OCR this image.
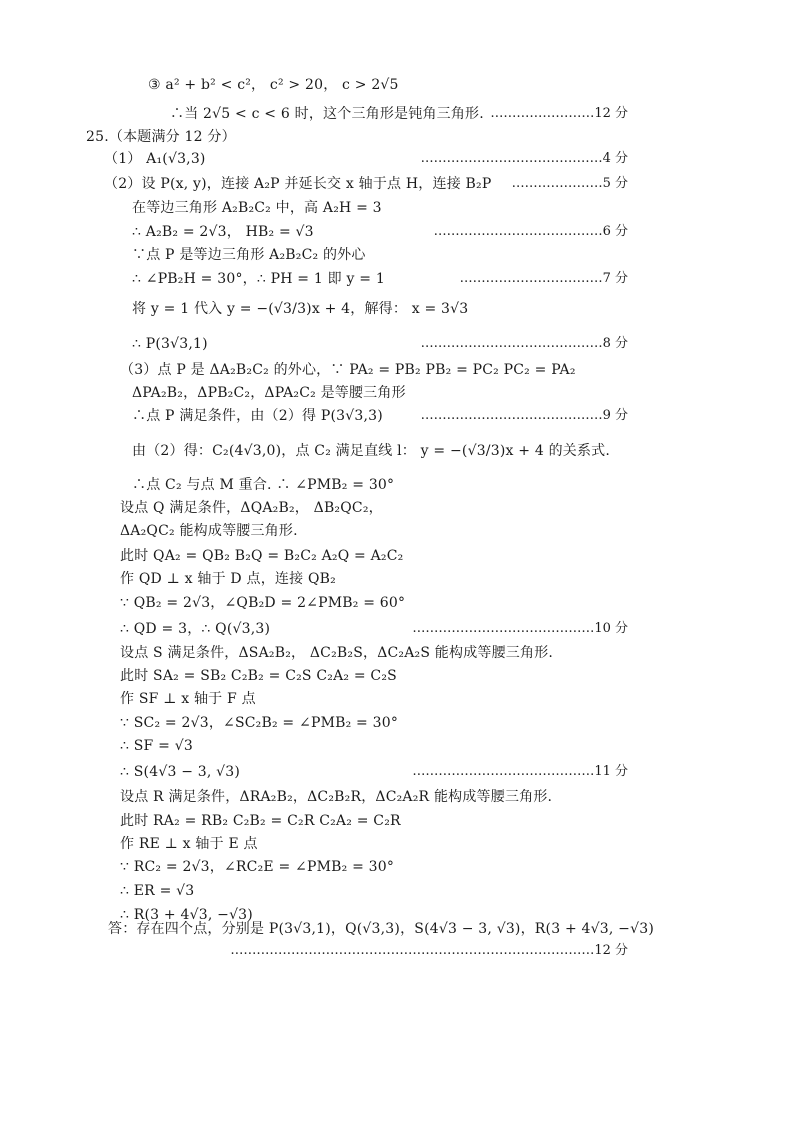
③ a² + b² < c²， c² > 20， c > 2√5
∴当 2√5 < c < 6 时，这个三角形是钝角三角形.
25.（本题满分 12 分）
（1） A₁(√3,3)
（2）设 P(x, y)，连接 A₂P 并延长交 x 轴于点 H，连接 B₂P
在等边三角形 A₂B₂C₂ 中，高 A₂H = 3
∴ A₂B₂ = 2√3， HB₂ = √3
∵点 P 是等边三角形 A₂B₂C₂ 的外心
∴ ∠PB₂H = 30°，∴ PH = 1 即 y = 1
将 y = 1 代入 y = −(√3/3)x + 4，解得： x = 3√3
∴ P(3√3,1)
（3）点 P 是 ΔA₂B₂C₂ 的外心，∵ PA₂ = PB₂ PB₂ = PC₂ PC₂ = PA₂
ΔPA₂B₂，ΔPB₂C₂，ΔPA₂C₂ 是等腰三角形
∴点 P 满足条件，由（2）得 P(3√3,3)
由（2）得：C₂(4√3,0)，点 C₂ 满足直线 l： y = −(√3/3)x + 4 的关系式.
∴点 C₂ 与点 M 重合. ∴ ∠PMB₂ = 30°
设点 Q 满足条件，ΔQA₂B₂， ΔB₂QC₂，
ΔA₂QC₂ 能构成等腰三角形.
此时 QA₂ = QB₂ B₂Q = B₂C₂ A₂Q = A₂C₂
作 QD ⊥ x 轴于 D 点，连接 QB₂
∵ QB₂ = 2√3，∠QB₂D = 2∠PMB₂ = 60°
∴ QD = 3，∴ Q(√3,3)
设点 S 满足条件，ΔSA₂B₂， ΔC₂B₂S，ΔC₂A₂S 能构成等腰三角形.
此时 SA₂ = SB₂ C₂B₂ = C₂S C₂A₂ = C₂S
作 SF ⊥ x 轴于 F 点
∵ SC₂ = 2√3，∠SC₂B₂ = ∠PMB₂ = 30°
∴ SF = √3
∴ S(4√3 − 3, √3)
设点 R 满足条件，ΔRA₂B₂，ΔC₂B₂R，ΔC₂A₂R 能构成等腰三角形.
此时 RA₂ = RB₂ C₂B₂ = C₂R C₂A₂ = C₂R
作 RE ⊥ x 轴于 E 点
∵ RC₂ = 2√3，∠RC₂E = ∠PMB₂ = 30°
∴ ER = √3
∴ R(3 + 4√3, −√3)
答：存在四个点，分别是 P(3√3,1)，Q(√3,3)，S(4√3 − 3, √3)，R(3 + 4√3, −√3)
……………………12 分
……………………………………4 分
…………………5 分
…………………………………6 分
……………………………7 分
……………………………………8 分
……………………………………9 分
……………………………………10 分
……………………………………11 分
…………………………………………………………………………12 分
